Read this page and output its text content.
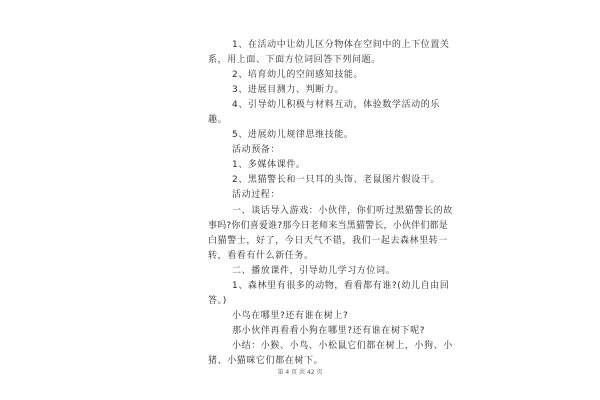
1、在活动中让幼儿区分物体在空间中的上下位置关
系，用上面、下面方位词回答下列问题。
2、培育幼儿的空间感知技能。
3、进展目测力、判断力。
4、引导幼儿积极与材料互动，体验数学活动的乐
趣。
5、进展幼儿规律思维技能。
活动预备：
1、多媒体课件。
2、黑猫警长和一只耳的头饰、老鼠图片假设干。
活动过程：
一、谈话导入游戏：小伙伴，你们听过黑猫警长的故
事吗?你们喜爱谁?那今日老师来当黑猫警长，小伙伴们都是
白猫警士，好了，今日天气不错，我们一起去森林里转一
转，看看有什么新任务。
二、播放课件，引导幼儿学习方位词。
1、森林里有很多的动物，看看都有谁?(幼儿自由回
答。)
小鸟在哪里?还有谁在树上?
那小伙伴再看看小狗在哪里?还有谁在树下呢?
小结：小猴、小鸟、小松鼠它们都在树上，小狗、小
猪、小猫咪它们都在树下。
第 4 页 共 42 页
